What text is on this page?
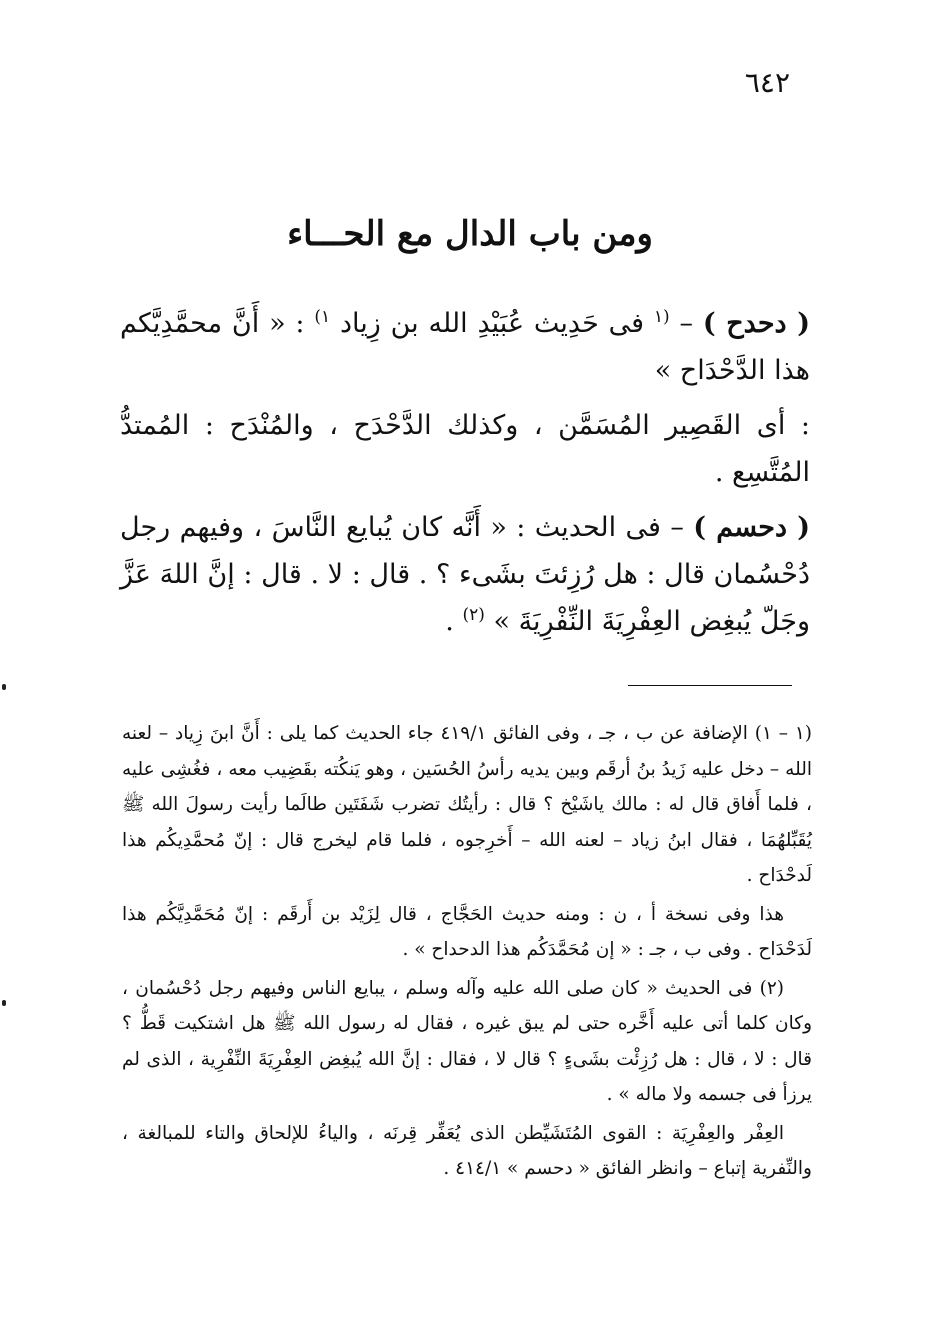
٦٤٢
ومن باب الدال مع الحـــاء

( دحدح ) – $^{(١}$ فى حَدِيث عُبَيْدِ الله بن زِياد $^{١)}$ : « أَنَّ محمَّدِيَّكم هذا الدَّحْدَاح »

: أى القَصِير المُسَمَّن ، وكذلك الدَّحْدَح ، والمُنْدَح : المُمتدُّ المُتَّسِع .

( دحسم ) – فى الحديث : « أَنَّه كان يُبايع النَّاسَ ، وفيهم رجل دُحْسُمان قال : هل رُزِئتَ بشَىء ؟ . قال : لا . قال : إنَّ اللهَ عَزَّ وجَلّ يُبغِض العِفْرِيَةَ النِّفْرِيَةَ » $^{(٢)}$ .

(١ – ١) الإضافة عن ب ، جـ ، وفى الفائق ٤١٩/١ جاء الحديث كما يلى : أَنَّ ابنَ زِياد – لعنه الله – دخل عليه زَيدُ بنُ أرقَم وبين يديه رأسُ الحُسَين ، وهو يَنكُته بقَضِيب معه ، فغُشِى عليه ، فلما أَفاق قال له : مالك ياشَيْخ ؟ قال : رأيتُك تضرب شَفَتَين طالَما رأيت رسولَ الله ﷺ يُقَبِّلهُمَا ، فقال ابنُ زياد – لعنه الله – أَخرِجوه ، فلما قام ليخرج قال : إنّ مُحمَّدِيكُم هذا لَدحْدَاح .

هذا وفى نسخة أ ، ن : ومنه حديث الحَجَّاج ، قال لِزَيْد بن أَرقَم : إنّ مُحَمَّدِيَّكُم هذا لَدَحْدَاح . وفى ب ، جـ : « إن مُحَمَّدَكُم هذا الدحداح » .

(٢) فى الحديث « كان صلى الله عليه وآله وسلم ، يبايع الناس وفيهم رجل دُحْسُمان ، وكان كلما أتى عليه أَخَّره حتى لم يبق غيره ، فقال له رسول الله ﷺ هل اشتكيت قَطُّ ؟ قال : لا ، قال : هل رُزِئْت بشَىءٍ ؟ قال لا ، فقال : إنَّ الله يُبغِض العِفْرِيَةَ النِّفْرِية ، الذى لم يرزأ فى جسمه ولا ماله » .

العِفْر والعِفْرِيَة : القوى المُتَشَيِّطن الذى يُعَفِّر قِرنَه ، والياءُ للإلحاق والتاء للمبالغة ، والنِّفرية إتباع – وانظر الفائق « دحسم » ٤١٤/١ .
